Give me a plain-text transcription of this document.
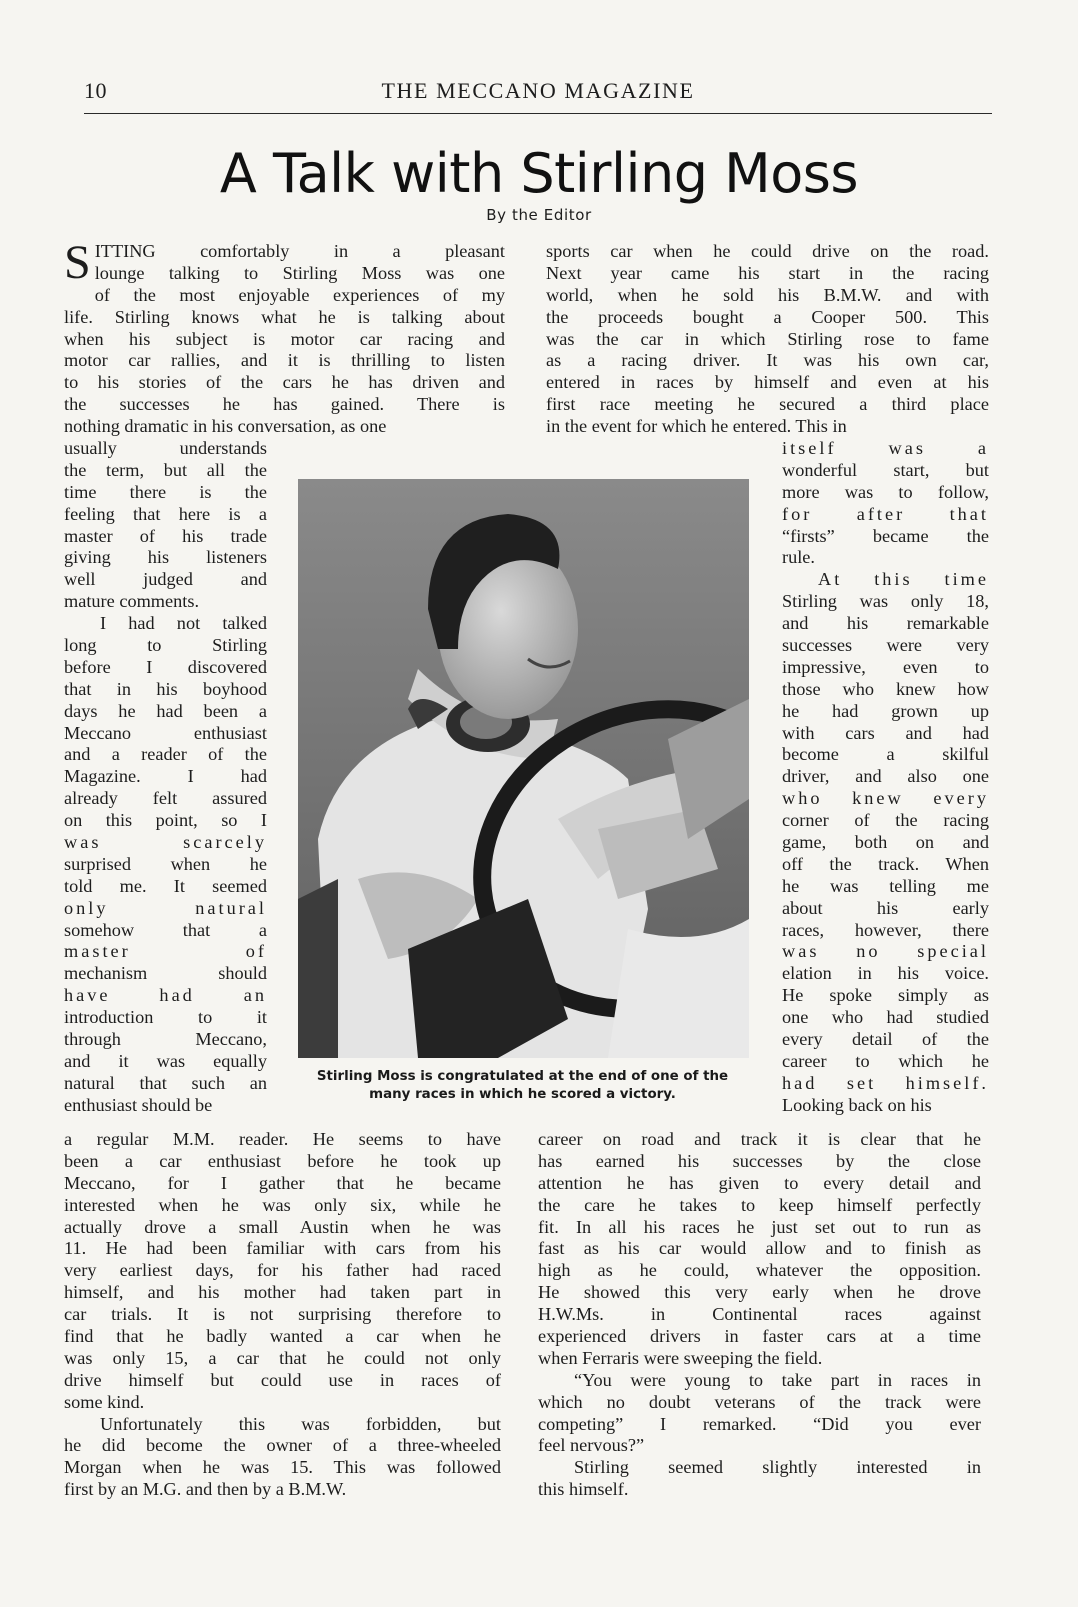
10	THE MECCANO MAGAZINE
A Talk with Stirling Moss
By the Editor
S ITTING comfortably in a pleasant
lounge talking to Stirling Moss was one
of the most enjoyable experiences of my
life. Stirling knows what he is talking about
when his subject is motor car racing and
motor car rallies, and it is thrilling to listen
to his stories of the cars he has driven and
the successes he has gained. There is
nothing dramatic in his conversation, as one
usually understands
the term, but all the
time there is the
feeling that here is a
master of his trade
giving his listeners
well judged and
mature comments.
I had not talked
long to Stirling
before I discovered
that in his boyhood
days he had been a
Meccano enthusiast
and a reader of the
Magazine. I had
already felt assured
on this point, so I
was scarcely
surprised when he
told me. It seemed
only natural
somehow that a
master of
mechanism should
have had an
introduction to it
through Meccano,
and it was equally
natural that such an
enthusiast should be
a regular M.M. reader. He seems to have
been a car enthusiast before he took up
Meccano, for I gather that he became
interested when he was only six, while he
actually drove a small Austin when he was
11. He had been familiar with cars from his
very earliest days, for his father had raced
himself, and his mother had taken part in
car trials. It is not surprising therefore to
find that he badly wanted a car when he
was only 15, a car that he could not only
drive himself but could use in races of
some kind.
Unfortunately this was forbidden, but
he did become the owner of a three-wheeled
Morgan when he was 15. This was followed
first by an M.G. and then by a B.M.W.
sports car when he could drive on the road.
Next year came his start in the racing
world, when he sold his B.M.W. and with
the proceeds bought a Cooper 500. This
was the car in which Stirling rose to fame
as a racing driver. It was his own car,
entered in races by himself and even at his
first race meeting he secured a third place
in the event for which he entered. This in
itself was a
wonderful start, but
more was to follow,
for after that
“firsts” became the
rule.
At this time
Stirling was only 18,
and his remarkable
successes were very
impressive, even to
those who knew how
he had grown up
with cars and had
become a skilful
driver, and also one
who knew every
corner of the racing
game, both on and
off the track. When
he was telling me
about his early
races, however, there
was no special
elation in his voice.
He spoke simply as
one who had studied
every detail of the
career to which he
had set himself.
Looking back on his
career on road and track it is clear that he
has earned his successes by the close
attention he has given to every detail and
the care he takes to keep himself perfectly
fit. In all his races he just set out to run as
fast as his car would allow and to finish as
high as he could, whatever the opposition.
He showed this very early when he drove
H.W.Ms. in Continental races against
experienced drivers in faster cars at a time
when Ferraris were sweeping the field.
“You were young to take part in races in
which no doubt veterans of the track were
competing” I remarked. “Did you ever
feel nervous?”
Stirling seemed slightly interested in
this himself.
Stirling Moss is congratulated at the end of one of the
many races in which he scored a victory.
